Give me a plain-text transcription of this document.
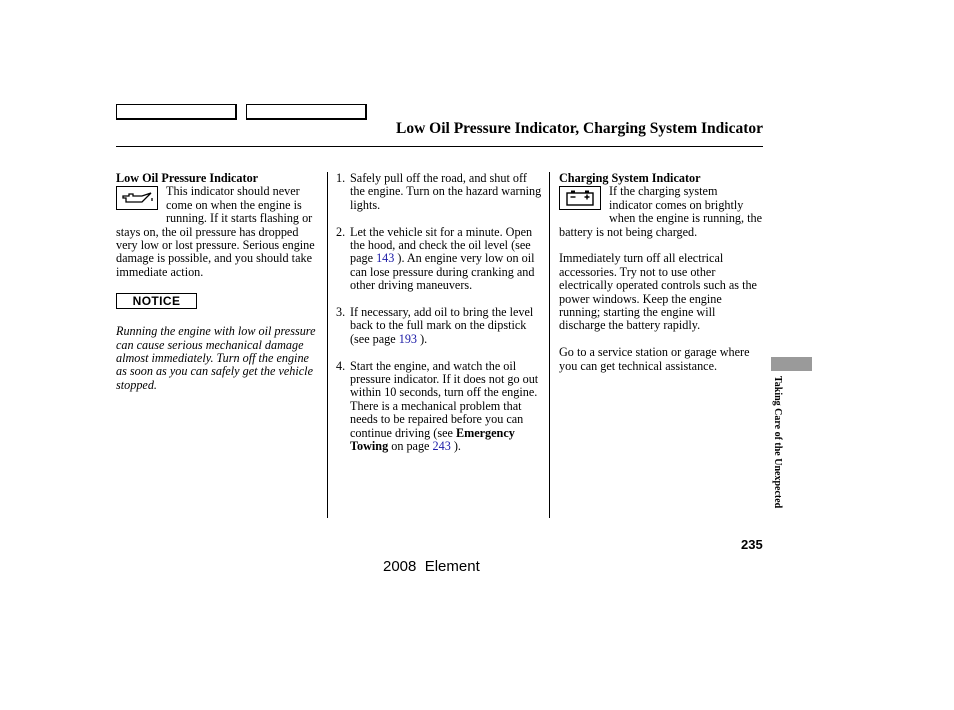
Low Oil Pressure Indicator, Charging System Indicator
Low Oil Pressure Indicator
This indicator should never come on when the engine is running. If it starts flashing or stays on, the oil pressure has dropped very low or lost pressure. Serious engine damage is possible, and you should take immediate action.
NOTICE
Running the engine with low oil pressure can cause serious mechanical damage almost immediately. Turn off the engine as soon as you can safely get the vehicle stopped.
1. Safely pull off the road, and shut off the engine. Turn on the hazard warning lights.
2. Let the vehicle sit for a minute. Open the hood, and check the oil level (see page 143 ). An engine very low on oil can lose pressure during cranking and other driving maneuvers.
3. If necessary, add oil to bring the level back to the full mark on the dipstick (see page 193 ).
4. Start the engine, and watch the oil pressure indicator. If it does not go out within 10 seconds, turn off the engine. There is a mechanical problem that needs to be repaired before you can continue driving (see Emergency Towing on page 243 ).
Charging System Indicator
If the charging system indicator comes on brightly when the engine is running, the battery is not being charged.

Immediately turn off all electrical accessories. Try not to use other electrically operated controls such as the power windows. Keep the engine running; starting the engine will discharge the battery rapidly.

Go to a service station or garage where you can get technical assistance.

Taking Care of the Unexpected
235
2008  Element
